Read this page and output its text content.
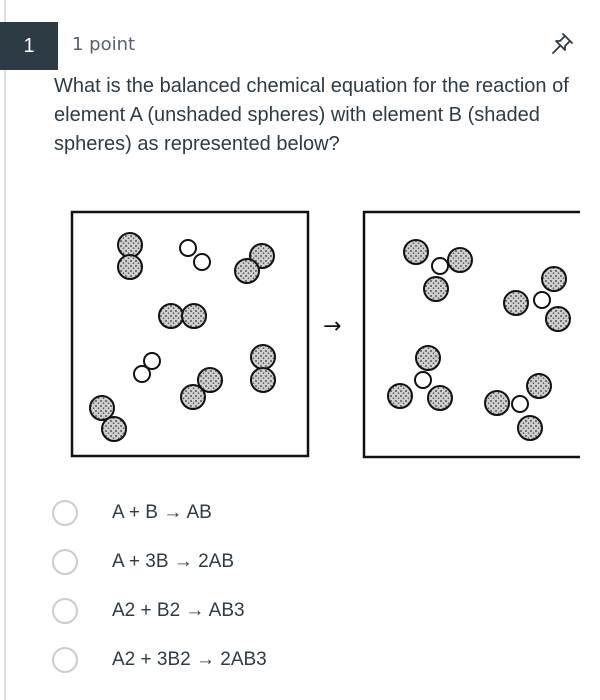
1	1 point

What is the balanced chemical equation for the reaction of element A (unshaded spheres) with element B (shaded spheres) as represented below?

→
A + B → AB
A + 3B → 2AB
A2 + B2 → AB3
A2 + 3B2 → 2AB3
